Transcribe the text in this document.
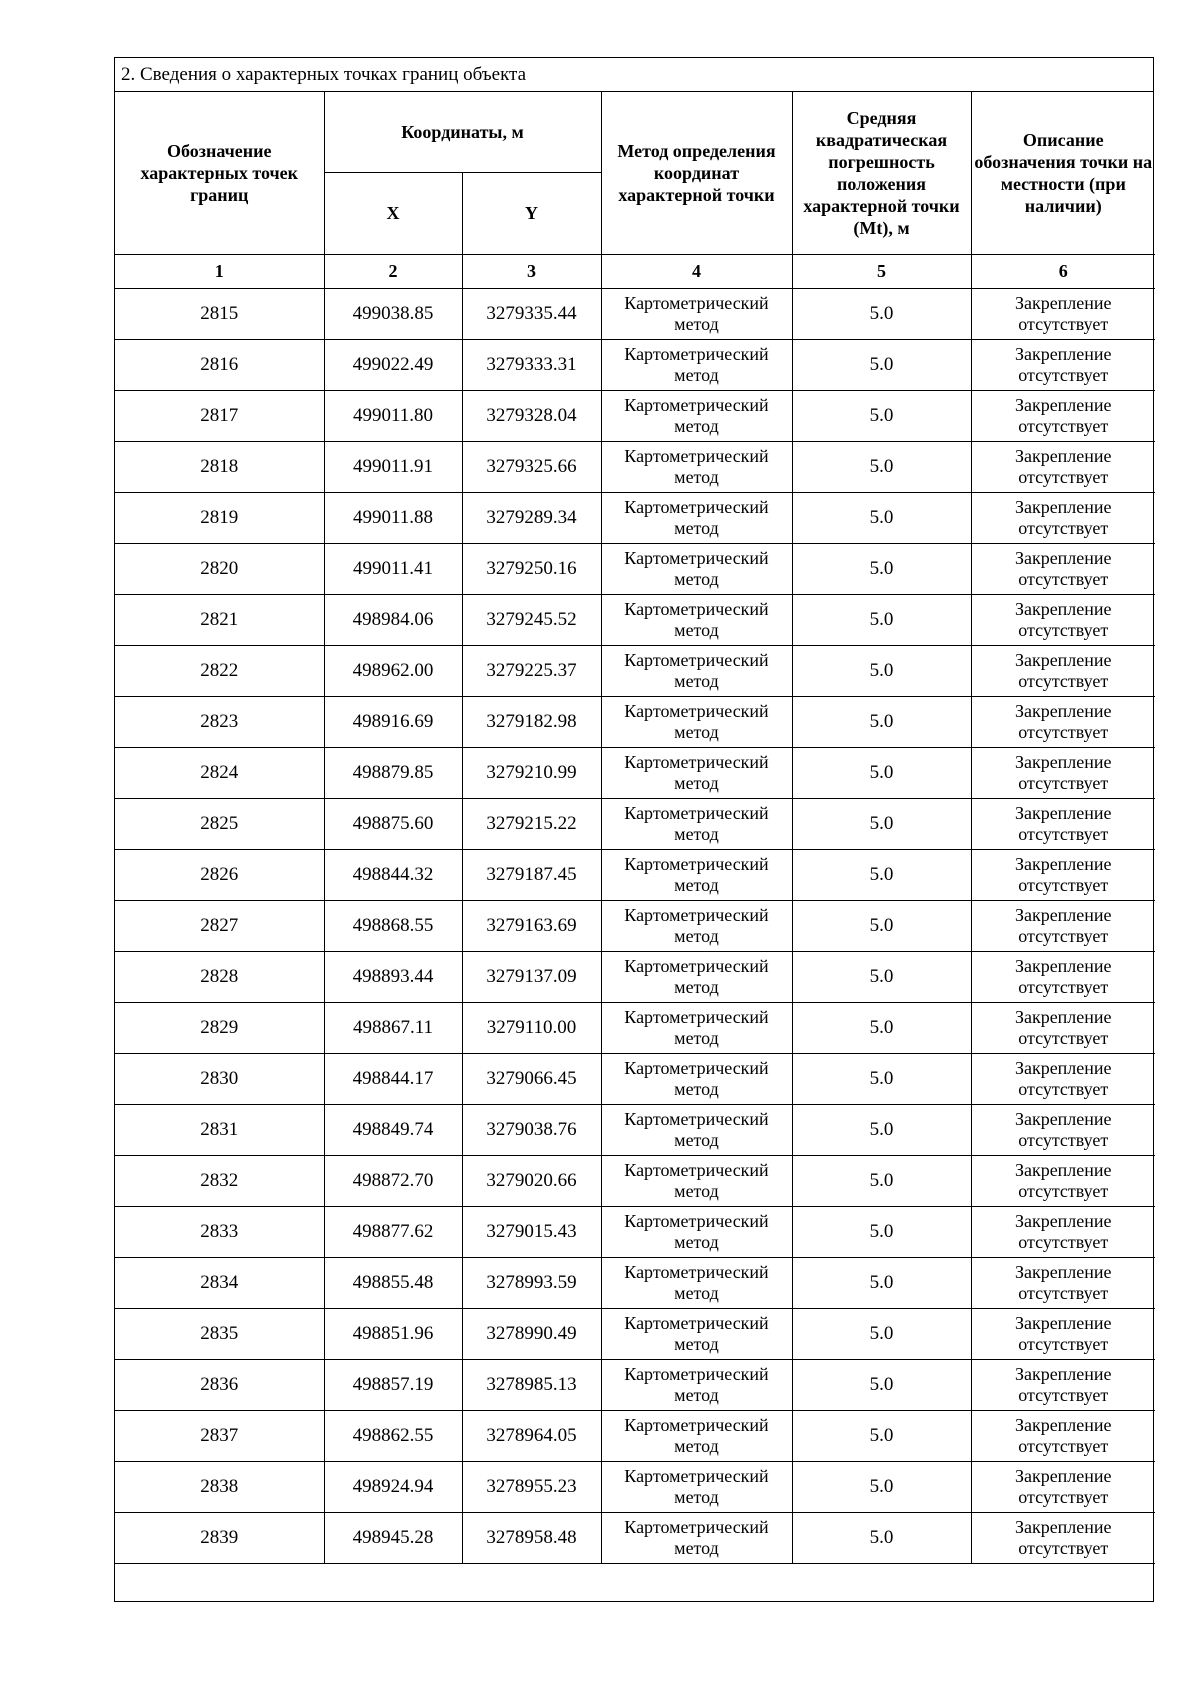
2. Сведения о характерных точках границ объекта
Обозначение характерных точек границ	Координаты, м		Метод определения координат характерной точки	Средняя квадратическая погрешность положения характерной точки (Mt), м	Описание обозначения точки на местности (при наличии)
	X	Y			
1	2	3	4	5	6
2815	499038.85	3279335.44	Картометрический метод	5.0	Закрепление отсутствует
2816	499022.49	3279333.31	Картометрический метод	5.0	Закрепление отсутствует
2817	499011.80	3279328.04	Картометрический метод	5.0	Закрепление отсутствует
2818	499011.91	3279325.66	Картометрический метод	5.0	Закрепление отсутствует
2819	499011.88	3279289.34	Картометрический метод	5.0	Закрепление отсутствует
2820	499011.41	3279250.16	Картометрический метод	5.0	Закрепление отсутствует
2821	498984.06	3279245.52	Картометрический метод	5.0	Закрепление отсутствует
2822	498962.00	3279225.37	Картометрический метод	5.0	Закрепление отсутствует
2823	498916.69	3279182.98	Картометрический метод	5.0	Закрепление отсутствует
2824	498879.85	3279210.99	Картометрический метод	5.0	Закрепление отсутствует
2825	498875.60	3279215.22	Картометрический метод	5.0	Закрепление отсутствует
2826	498844.32	3279187.45	Картометрический метод	5.0	Закрепление отсутствует
2827	498868.55	3279163.69	Картометрический метод	5.0	Закрепление отсутствует
2828	498893.44	3279137.09	Картометрический метод	5.0	Закрепление отсутствует
2829	498867.11	3279110.00	Картометрический метод	5.0	Закрепление отсутствует
2830	498844.17	3279066.45	Картометрический метод	5.0	Закрепление отсутствует
2831	498849.74	3279038.76	Картометрический метод	5.0	Закрепление отсутствует
2832	498872.70	3279020.66	Картометрический метод	5.0	Закрепление отсутствует
2833	498877.62	3279015.43	Картометрический метод	5.0	Закрепление отсутствует
2834	498855.48	3278993.59	Картометрический метод	5.0	Закрепление отсутствует
2835	498851.96	3278990.49	Картометрический метод	5.0	Закрепление отсутствует
2836	498857.19	3278985.13	Картометрический метод	5.0	Закрепление отсутствует
2837	498862.55	3278964.05	Картометрический метод	5.0	Закрепление отсутствует
2838	498924.94	3278955.23	Картометрический метод	5.0	Закрепление отсутствует
2839	498945.28	3278958.48	Картометрический метод	5.0	Закрепление отсутствует
